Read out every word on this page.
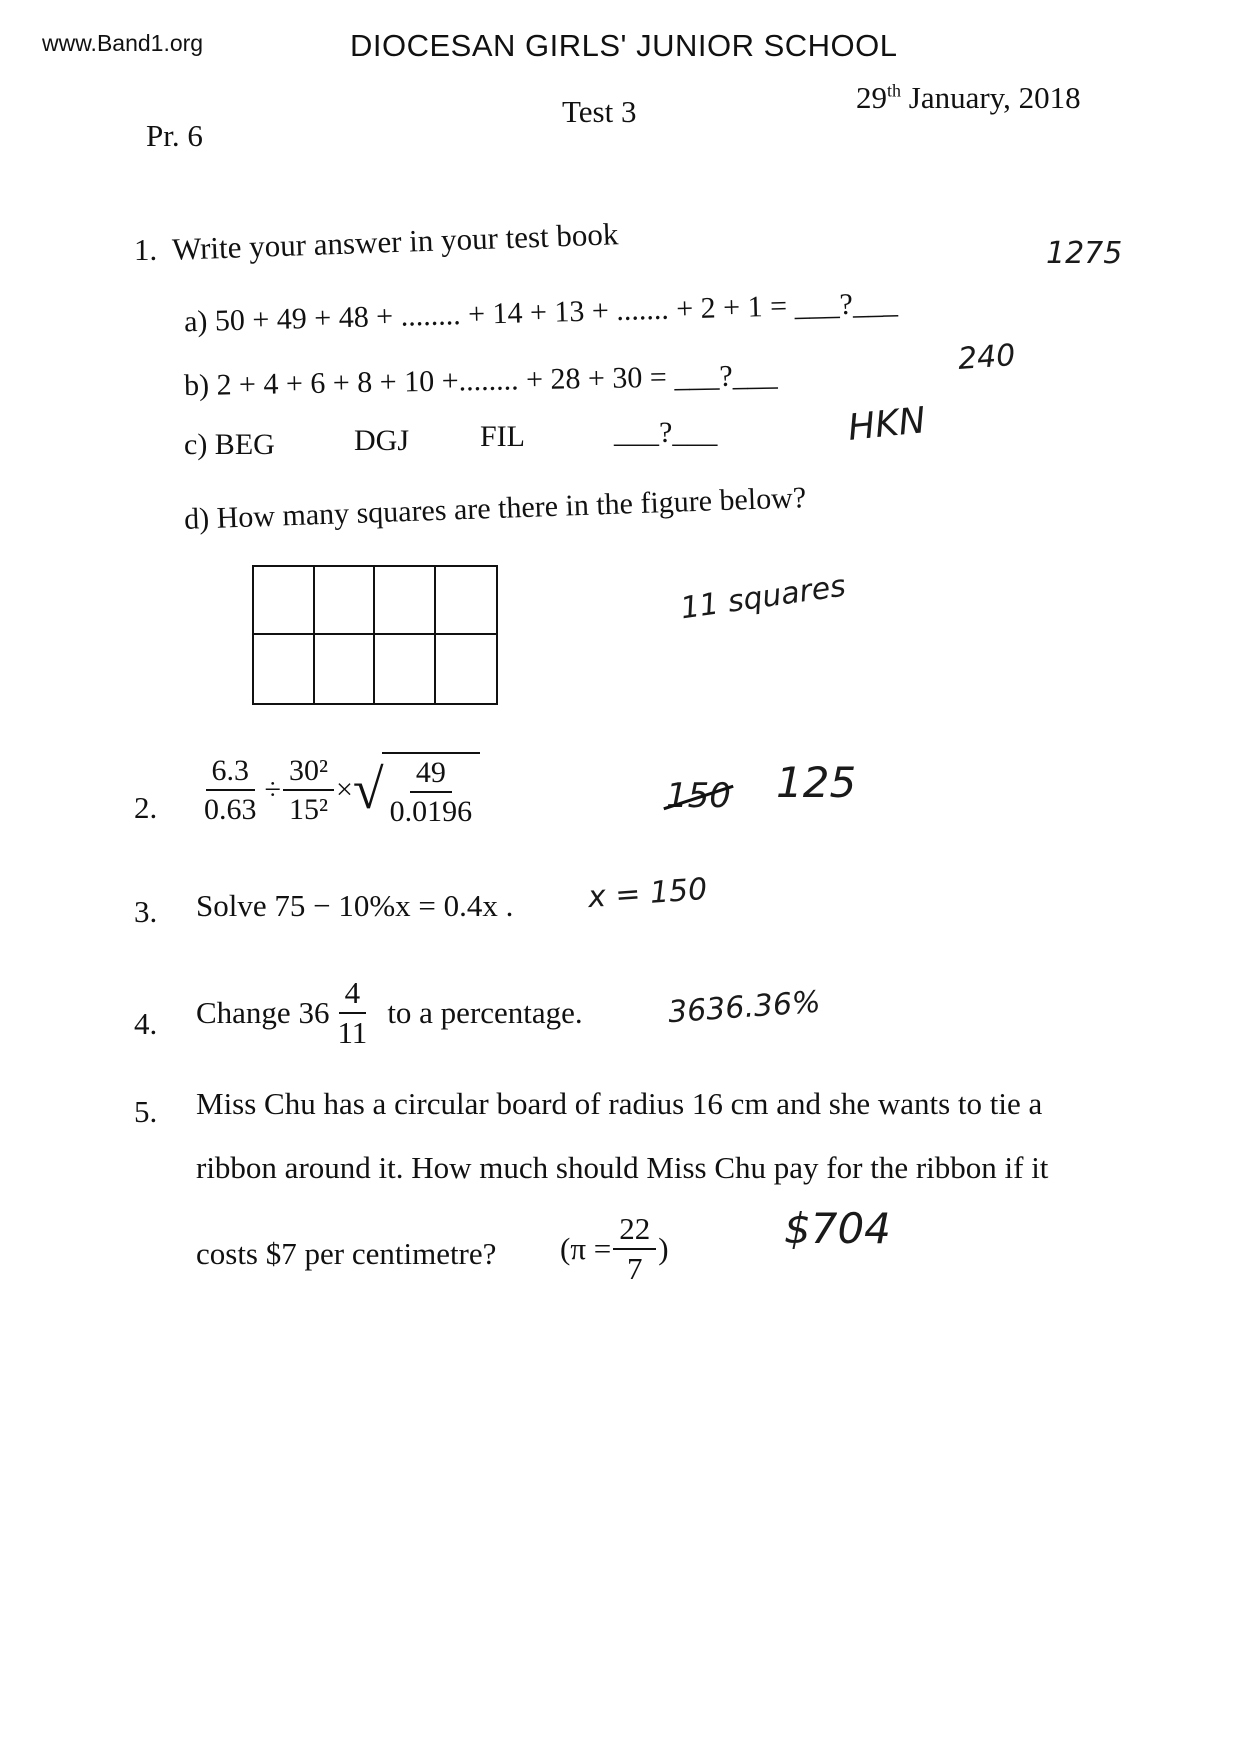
www.Band1.org	DIOCESAN GIRLS' JUNIOR SCHOOL
Pr. 6
Test 3	29th January, 2018
1. Write your answer in your test book	1275
a) 50 + 49 + 48 + ........ + 14 + 13 + ....... + 2 + 1 = ___?___
b) 2 + 4 + 6 + 8 + 10 +........ + 28 + 30 = ___?___
240
c) BEG	DGJ FIL	___?___	HKN
d) How many squares are there in the figure below?
11 squares
2. $\frac{6.3}{0.63} \div \frac{\text{30²}}{\text{15²}}$ × √ $\frac{49}{0.0196}$	150 125
3. Solve 75 − 10%x = 0.4x . x = 150
4. Change $36 \frac{4}{11}$ to a percentage.	3636.36%
5. Miss Chu has a circular board of radius 16 cm and she wants to tie a
ribbon around it. How much should Miss Chu pay for the ribbon if it
costs $7 per centimetre? ($\pi = \frac{22}{7}$ )	$704
